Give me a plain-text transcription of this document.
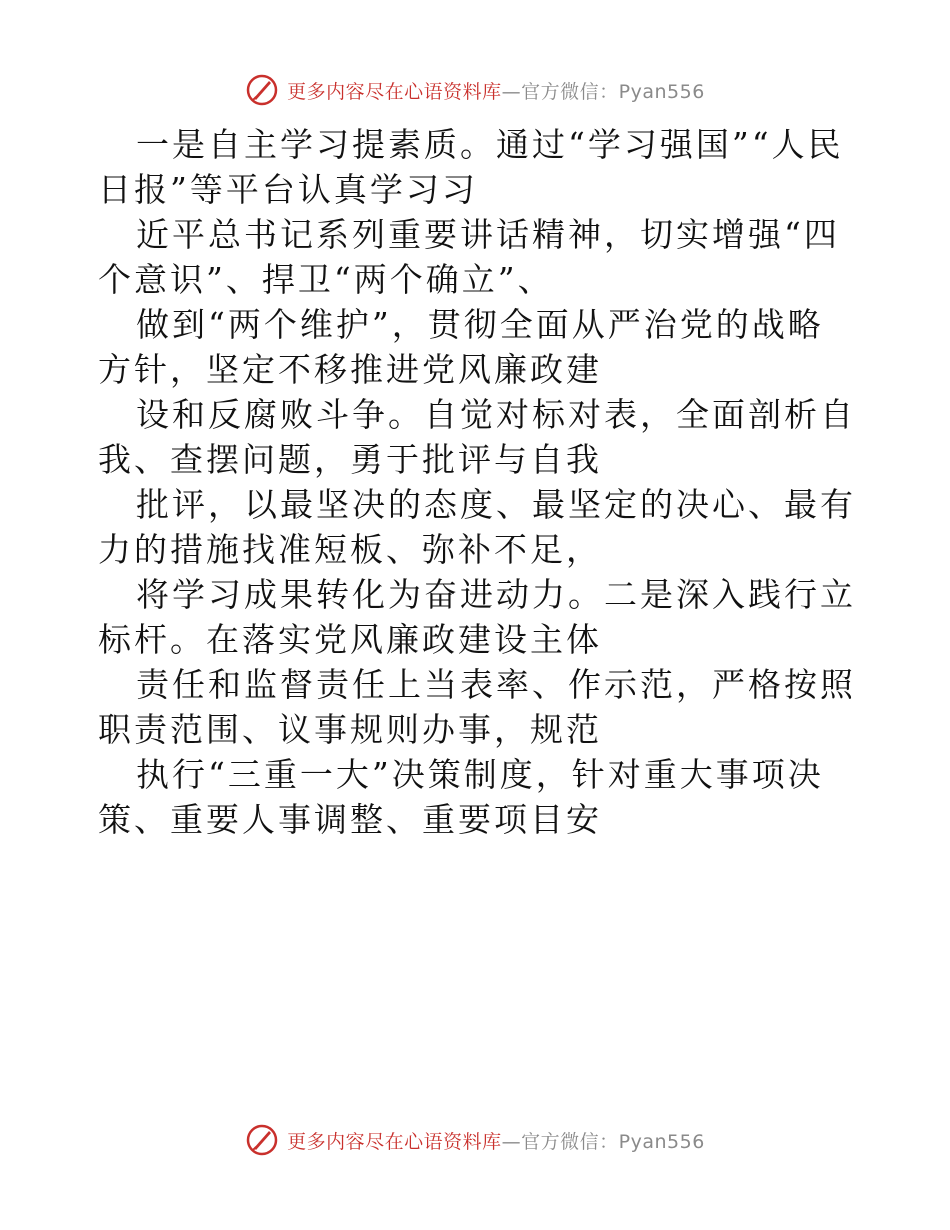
更多内容尽在心语资料库—官方微信：Pyan556

一是自主学习提素质。通过“学习强国”“人民日报”等平台认真学习习

近平总书记系列重要讲话精神，切实增强“四个意识”、捍卫“两个确立”、

做到“两个维护”，贯彻全面从严治党的战略方针，坚定不移推进党风廉政建

设和反腐败斗争。自觉对标对表，全面剖析自我、查摆问题，勇于批评与自我

批评，以最坚决的态度、最坚定的决心、最有力的措施找准短板、弥补不足，

将学习成果转化为奋进动力。二是深入践行立标杆。在落实党风廉政建设主体

责任和监督责任上当表率、作示范，严格按照职责范围、议事规则办事，规范

执行“三重一大”决策制度，针对重大事项决策、重要人事调整、重要项目安

更多内容尽在心语资料库—官方微信：Pyan556
